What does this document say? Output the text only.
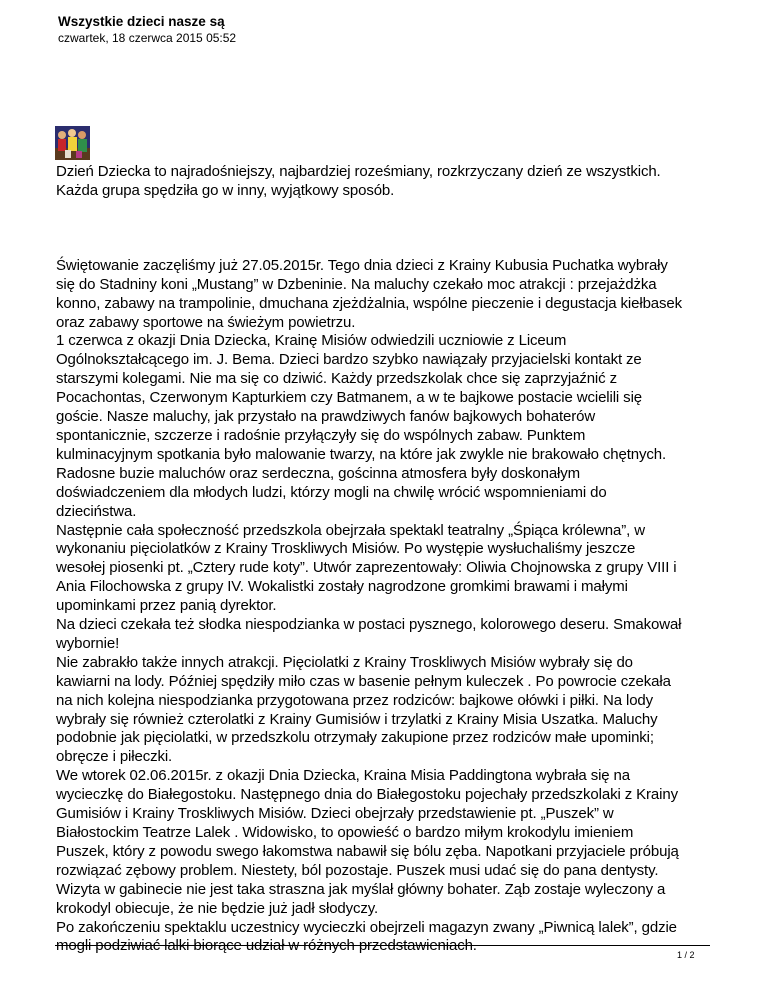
Wszystkie dzieci nasze są
czwartek, 18 czerwca 2015 05:52
Dzień Dziecka to najradośniejszy, najbardziej roześmiany, rozkrzyczany dzień ze wszystkich.
Każda grupa spędziła go w inny, wyjątkowy sposób.
Świętowanie zaczęliśmy już 27.05.2015r. Tego dnia dzieci z Krainy Kubusia Puchatka wybrały
się do Stadniny koni „Mustang” w Dzbeninie. Na maluchy czekało moc atrakcji : przejażdżka
konno, zabawy na trampolinie, dmuchana zjeżdżalnia, wspólne pieczenie i degustacja kiełbasek
oraz zabawy sportowe na świeżym powietrzu.
1 czerwca z okazji Dnia Dziecka, Krainę Misiów odwiedzili uczniowie z Liceum
Ogólnokształcącego im. J. Bema. Dzieci bardzo szybko nawiązały przyjacielski kontakt ze
starszymi kolegami. Nie ma się co dziwić. Każdy przedszkolak chce się zaprzyjaźnić z
Pocachontas, Czerwonym Kapturkiem czy Batmanem, a w te bajkowe postacie wcielili się
goście. Nasze maluchy, jak przystało na prawdziwych fanów bajkowych bohaterów
spontanicznie, szczerze i radośnie przyłączyły się do wspólnych zabaw. Punktem
kulminacyjnym spotkania było malowanie twarzy, na które jak zwykle nie brakowało chętnych.
Radosne buzie maluchów oraz serdeczna, gościnna atmosfera były doskonałym
doświadczeniem dla młodych ludzi, którzy mogli na chwilę wrócić wspomnieniami do
dzieciństwa.
Następnie cała społeczność przedszkola obejrzała spektakl teatralny „Śpiąca królewna”, w
wykonaniu pięciolatków z Krainy Troskliwych Misiów. Po występie wysłuchaliśmy jeszcze
wesołej piosenki pt. „Cztery rude koty”. Utwór zaprezentowały: Oliwia Chojnowska z grupy VIII i
Ania Filochowska z grupy IV. Wokalistki zostały nagrodzone gromkimi brawami i małymi
upominkami przez panią dyrektor.
Na dzieci czekała też słodka niespodzianka w postaci pysznego, kolorowego deseru. Smakował
wybornie!
Nie zabrakło także innych atrakcji. Pięciolatki z Krainy Troskliwych Misiów wybrały się do
kawiarni na lody. Później spędziły miło czas w basenie pełnym kuleczek . Po powrocie czekała
na nich kolejna niespodzianka przygotowana przez rodziców: bajkowe ołówki i piłki. Na lody
wybrały się również czterolatki z Krainy Gumisiów i trzylatki z Krainy Misia Uszatka. Maluchy
podobnie jak pięciolatki, w przedszkolu otrzymały zakupione przez rodziców małe upominki;
obręcze i piłeczki.
We wtorek 02.06.2015r. z okazji Dnia Dziecka, Kraina Misia Paddingtona wybrała się na
wycieczkę do Białegostoku. Następnego dnia do Białegostoku pojechały przedszkolaki z Krainy
Gumisiów i Krainy Troskliwych Misiów. Dzieci obejrzały przedstawienie pt. „Puszek” w
Białostockim Teatrze Lalek . Widowisko, to opowieść o bardzo miłym krokodylu imieniem
Puszek, który z powodu swego łakomstwa nabawił się bólu zęba. Napotkani przyjaciele próbują
rozwiązać zębowy problem. Niestety, ból pozostaje. Puszek musi udać się do pana dentysty.
Wizyta w gabinecie nie jest taka straszna jak myślał główny bohater. Ząb zostaje wyleczony a
krokodyl obiecuje, że nie będzie już jadł słodyczy.
Po zakończeniu spektaklu uczestnicy wycieczki obejrzeli magazyn zwany „Piwnicą lalek”, gdzie
mogli podziwiać lalki biorące udział w różnych przedstawieniach.
1 / 2
